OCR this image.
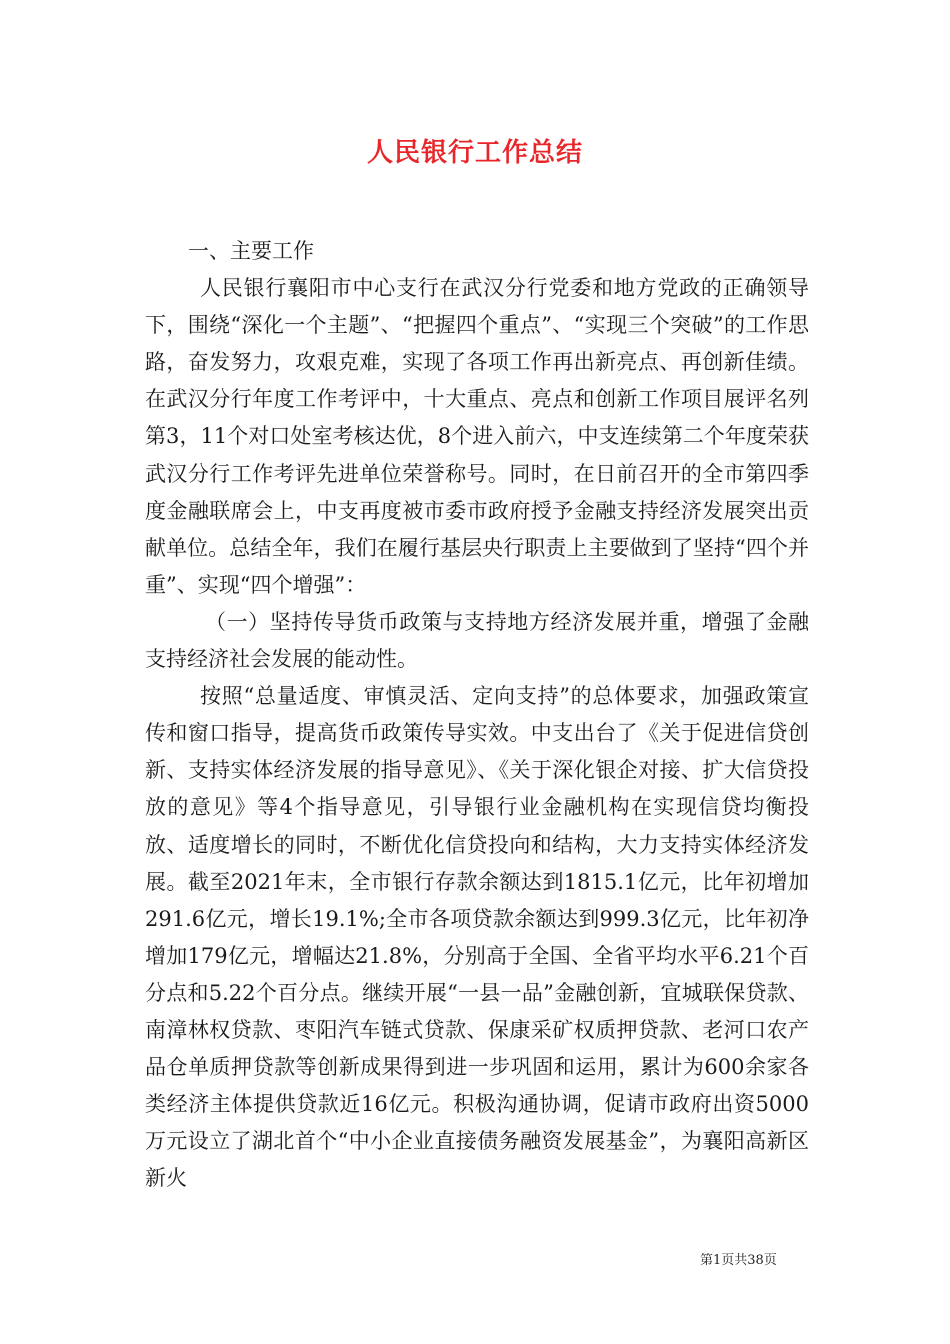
人民银行工作总结

一、主要工作

人民银行襄阳市中心支行在武汉分行党委和地方党政的正确领导下，围绕“深化一个主题”、“把握四个重点”、“实现三个突破”的工作思路，奋发努力，攻艰克难，实现了各项工作再出新亮点、再创新佳绩。在武汉分行年度工作考评中，十大重点、亮点和创新工作项目展评名列第3，11个对口处室考核达优，8个进入前六，中支连续第二个年度荣获武汉分行工作考评先进单位荣誉称号。同时，在日前召开的全市第四季度金融联席会上，中支再度被市委市政府授予金融支持经济发展突出贡献单位。总结全年，我们在履行基层央行职责上主要做到了坚持“四个并重”、实现“四个增强”：

（一）坚持传导货币政策与支持地方经济发展并重，增强了金融支持经济社会发展的能动性。

按照“总量适度、审慎灵活、定向支持”的总体要求，加强政策宣传和窗口指导，提高货币政策传导实效。中支出台了《关于促进信贷创新、支持实体经济发展的指导意见》、《关于深化银企对接、扩大信贷投放的意见》等4个指导意见，引导银行业金融机构在实现信贷均衡投放、适度增长的同时，不断优化信贷投向和结构，大力支持实体经济发展。截至2021年末，全市银行存款余额达到1815.1亿元，比年初增加291.6亿元，增长19.1%;全市各项贷款余额达到999.3亿元，比年初净增加179亿元，增幅达21.8%，分别高于全国、全省平均水平6.21个百分点和5.22个百分点。继续开展“一县一品”金融创新，宜城联保贷款、南漳林权贷款、枣阳汽车链式贷款、保康采矿权质押贷款、老河口农产品仓单质押贷款等创新成果得到进一步巩固和运用，累计为600余家各类经济主体提供贷款近16亿元。积极沟通协调，促请市政府出资5000万元设立了湖北首个“中小企业直接债务融资发展基金”，为襄阳高新区新火

第1页共38页
